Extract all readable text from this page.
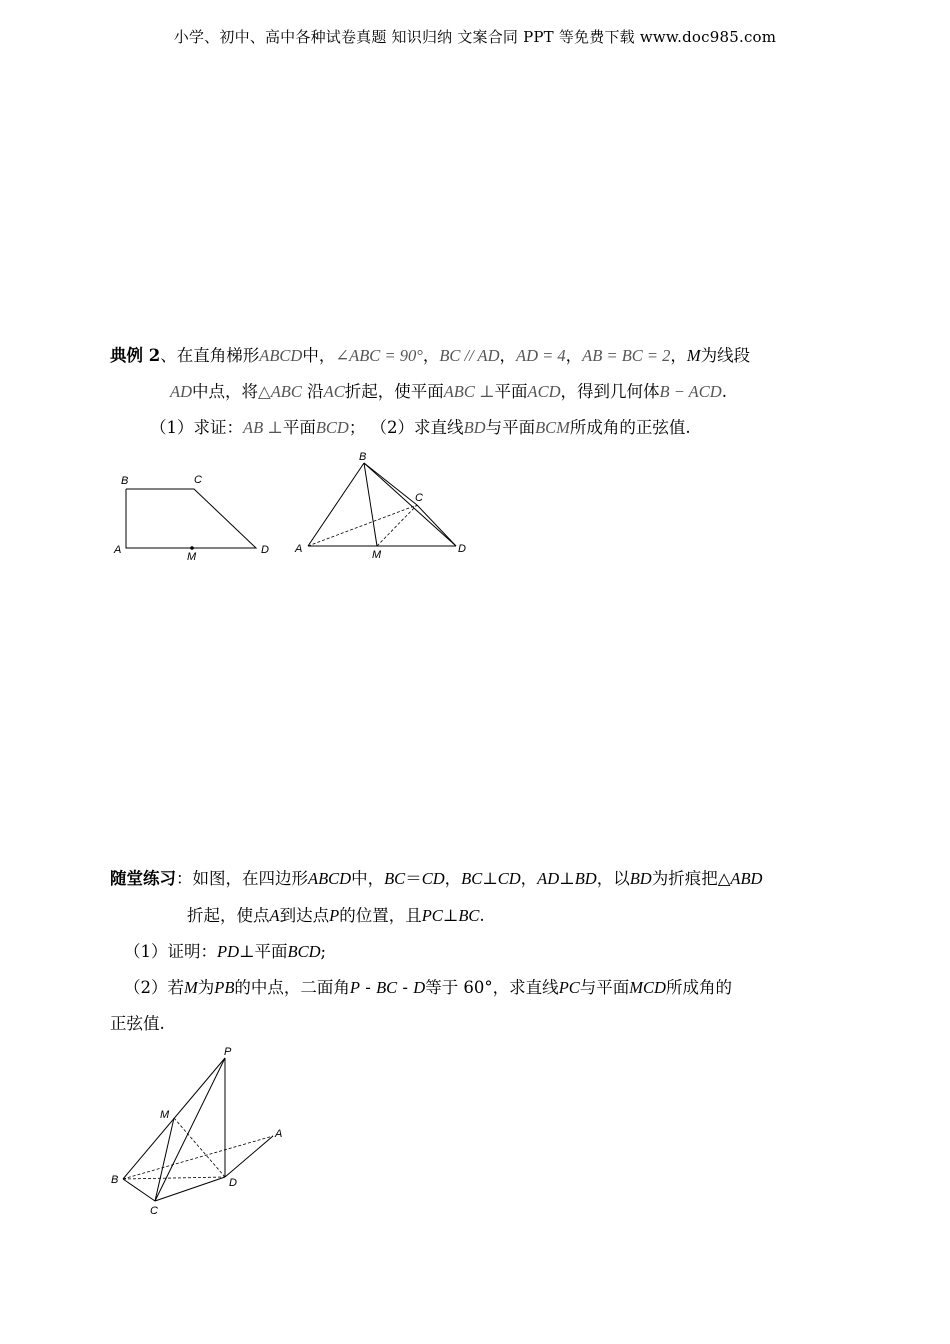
小学、初中、高中各种试卷真题 知识归纳 文案合同 PPT 等免费下载 www.doc985.com
典例 2、在直角梯形ABCD中，∠ABC = 90°，BC // AD，AD = 4，AB = BC = 2，M为线段
AD中点，将△ABC 沿AC折起，使平面ABC ⊥平面ACD，得到几何体B − ACD.
（1）求证：AB ⊥平面BCD； （2）求直线BD与平面BCM所成角的正弦值.
B	C
A
M
D
B
C
A	M	D
随堂练习：如图，在四边形ABCD中，BC＝CD，BC⊥CD，AD⊥BD，以BD为折痕把△ABD
折起，使点A到达点P的位置，且PC⊥BC.
（1）证明：PD⊥平面BCD;
（2）若M为PB的中点，二面角P - BC - D等于 60°，求直线PC与平面MCD所成角的
正弦值.
P
M
A
B	D
C
